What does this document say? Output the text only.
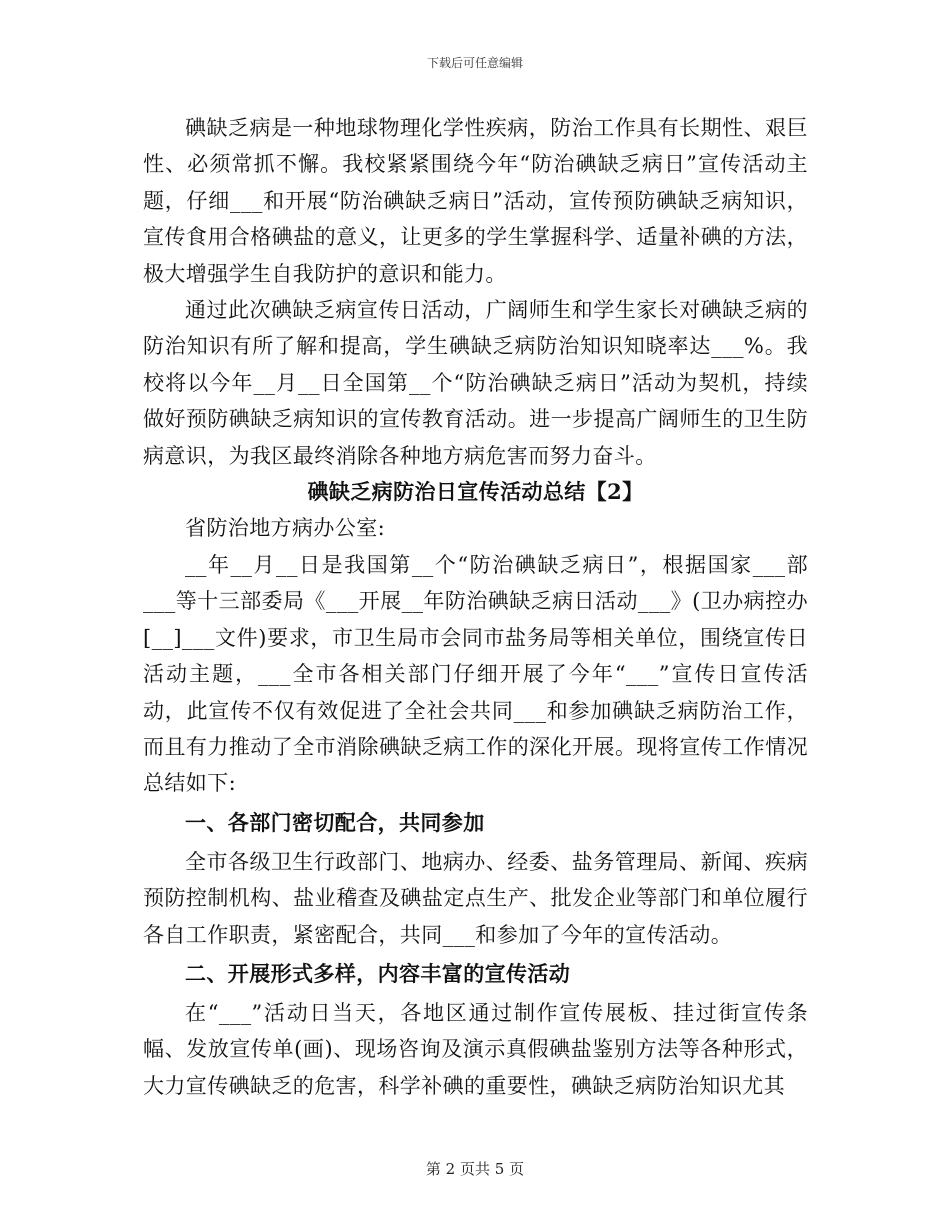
下载后可任意编辑

碘缺乏病是一种地球物理化学性疾病，防治工作具有长期性、艰巨性、必须常抓不懈。我校紧紧围绕今年“防治碘缺乏病日”宣传活动主题，仔细___和开展“防治碘缺乏病日”活动，宣传预防碘缺乏病知识，宣传食用合格碘盐的意义，让更多的学生掌握科学、适量补碘的方法，极大增强学生自我防护的意识和能力。

通过此次碘缺乏病宣传日活动，广阔师生和学生家长对碘缺乏病的防治知识有所了解和提高，学生碘缺乏病防治知识知晓率达___%。我校将以今年__月__日全国第__个“防治碘缺乏病日”活动为契机，持续做好预防碘缺乏病知识的宣传教育活动。进一步提高广阔师生的卫生防病意识，为我区最终消除各种地方病危害而努力奋斗。

碘缺乏病防治日宣传活动总结【2】

省防治地方病办公室:

__年__月__日是我国第__个“防治碘缺乏病日”，根据国家___部___等十三部委局《___开展__年防治碘缺乏病日活动___》(卫办病控办[__]___文件)要求，市卫生局市会同市盐务局等相关单位，围绕宣传日活动主题，___全市各相关部门仔细开展了今年“___”宣传日宣传活动，此宣传不仅有效促进了全社会共同___和参加碘缺乏病防治工作，而且有力推动了全市消除碘缺乏病工作的深化开展。现将宣传工作情况总结如下:

一、各部门密切配合，共同参加

全市各级卫生行政部门、地病办、经委、盐务管理局、新闻、疾病预防控制机构、盐业稽查及碘盐定点生产、批发企业等部门和单位履行各自工作职责，紧密配合，共同___和参加了今年的宣传活动。

二、开展形式多样，内容丰富的宣传活动

在“___”活动日当天，各地区通过制作宣传展板、挂过街宣传条幅、发放宣传单(画)、现场咨询及演示真假碘盐鉴别方法等各种形式，大力宣传碘缺乏的危害，科学补碘的重要性，碘缺乏病防治知识尤其

第 2 页共 5 页
